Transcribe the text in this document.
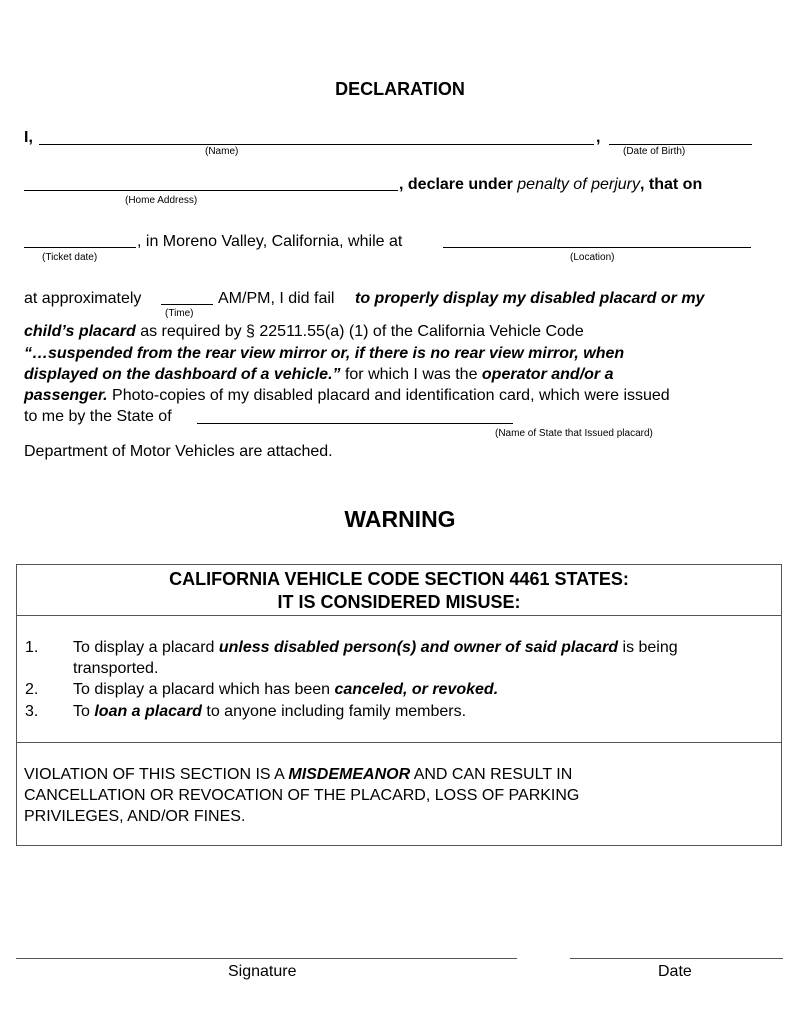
DECLARATION
I,	,
(Name)	(Date of Birth)
, declare under penalty of perjury, that on
(Home Address)
, in Moreno Valley, California, while at
(Ticket date)	(Location)
at approximately	AM/PM, I did fail to properly display my disabled placard or my
(Time)
child’s placard as required by § 22511.55(a) (1) of the California Vehicle Code
“…suspended from the rear view mirror or, if there is no rear view mirror, when
displayed on the dashboard of a vehicle.” for which I was the operator and/or a
passenger. Photo-copies of my disabled placard and identification card, which were issued
to me by the State of
(Name of State that Issued placard)
Department of Motor Vehicles are attached.
WARNING
CALIFORNIA VEHICLE CODE SECTION 4461 STATES:
IT IS CONSIDERED MISUSE:
1. To display a placard unless disabled person(s) and owner of said placard is being
transported.
2. To display a placard which has been canceled, or revoked.
3. To loan a placard to anyone including family members.
VIOLATION OF THIS SECTION IS A MISDEMEANOR AND CAN RESULT IN
CANCELLATION OR REVOCATION OF THE PLACARD, LOSS OF PARKING
PRIVILEGES, AND/OR FINES.
Signature	Date
